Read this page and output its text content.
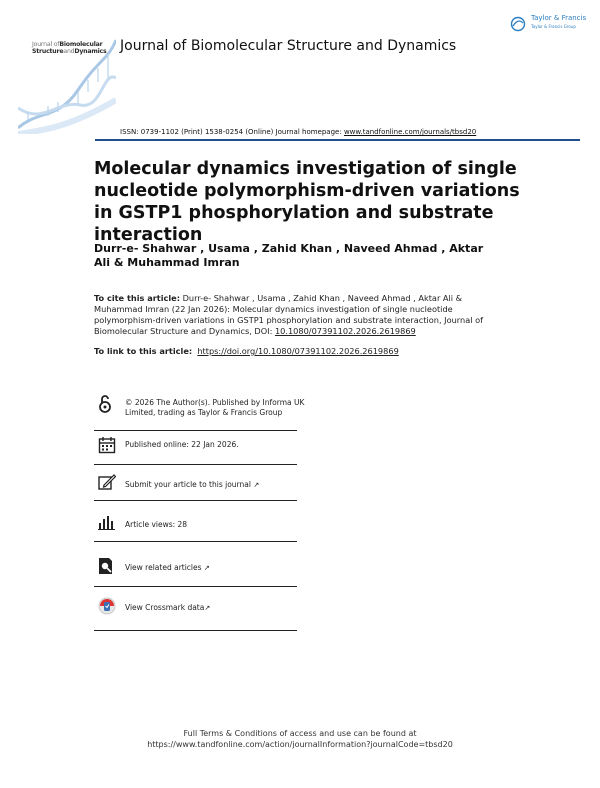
Journal ofBiomolecular
StructureandDynamics Journal of Biomolecular Structure and Dynamics
Taylor & Francis
Taylor & Francis Group
ISSN: 0739-1102 (Print) 1538-0254 (Online) Journal homepage: www.tandfonline.com/journals/tbsd20
Molecular dynamics investigation of single nucleotide polymorphism-driven variations in GSTP1 phosphorylation and substrate interaction
Durr-e- Shahwar , Usama , Zahid Khan , Naveed Ahmad , Aktar Ali & Muhammad Imran
To cite this article: Durr-e- Shahwar , Usama , Zahid Khan , Naveed Ahmad , Aktar Ali & Muhammad Imran (22 Jan 2026): Molecular dynamics investigation of single nucleotide polymorphism-driven variations in GSTP1 phosphorylation and substrate interaction, Journal of Biomolecular Structure and Dynamics, DOI: 10.1080/07391102.2026.2619869
To link to this article: https://doi.org/10.1080/07391102.2026.2619869
© 2026 The Author(s). Published by Informa UK Limited, trading as Taylor & Francis Group
Published online: 22 Jan 2026.
Submit your article to this journal ↗
Article views: 28
View related articles ↗
View Crossmark data↗
Full Terms & Conditions of access and use can be found at
https://www.tandfonline.com/action/journalInformation?journalCode=tbsd20
